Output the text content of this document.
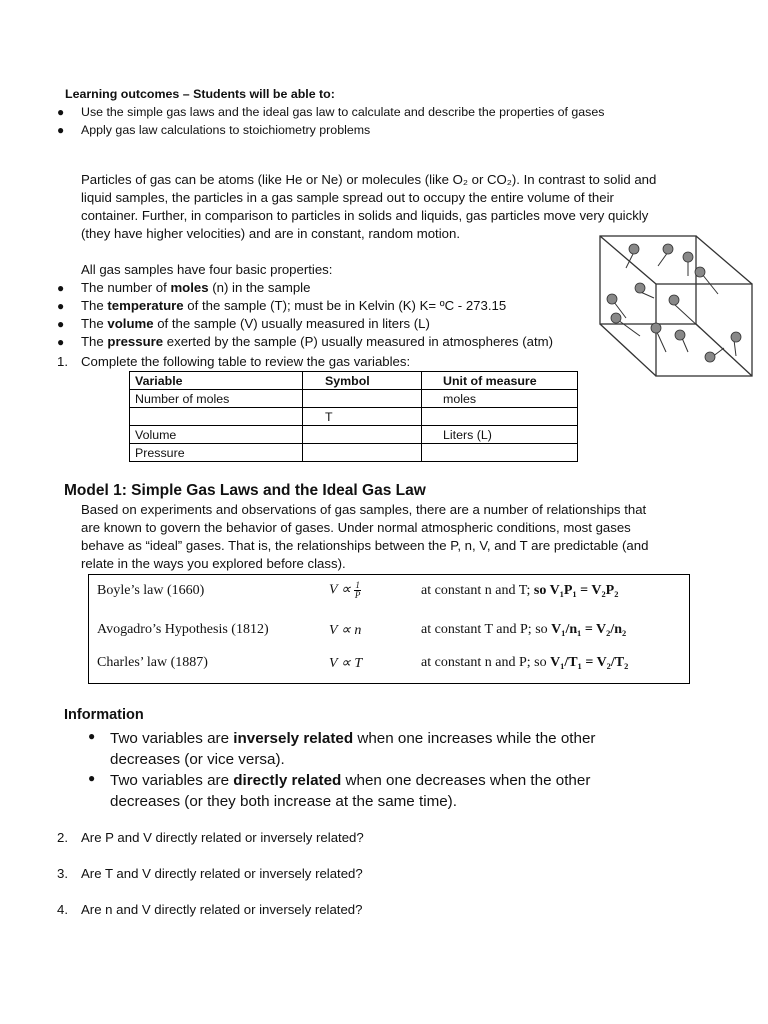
Learning outcomes – Students will be able to:
● Use the simple gas laws and the ideal gas law to calculate and describe the properties of gases
● Apply gas law calculations to stoichiometry problems
Particles of gas can be atoms (like He or Ne) or molecules (like O₂ or CO₂). In contrast to solid and
liquid samples, the particles in a gas sample spread out to occupy the entire volume of their
container. Further, in comparison to particles in solids and liquids, gas particles move very quickly
(they have higher velocities) and are in constant, random motion.
All gas samples have four basic properties:
● The number of moles (n) in the sample
● The temperature of the sample (T); must be in Kelvin (K) K= ºC - 273.15
● The volume of the sample (V) usually measured in liters (L)
● The pressure exerted by the sample (P) usually measured in atmospheres (atm)
1. Complete the following table to review the gas variables:
Variable	Symbol	Unit of measure
Number of moles		moles
	T	
Volume		Liters (L)
Pressure		
Model 1: Simple Gas Laws and the Ideal Gas Law
Based on experiments and observations of gas samples, there are a number of relationships that
are known to govern the behavior of gases. Under normal atmospheric conditions, most gases
behave as “ideal” gases. That is, the relationships between the P, n, V, and T are predictable (and
relate in the ways you explored before class).
Boyle’s law (1660)	$V \propto \frac{1}{P}$	at constant n and T; so V₁P₁ = V₂P₂
Avogadro’s Hypothesis (1812)	V ∝ n	at constant T and P; so V₁/n₁ = V₂/n₂
Charles’ law (1887)	V ∝ T	at constant n and P; so V₁/T₁ = V₂/T₂
Information
● Two variables are inversely related when one increases while the other
decreases (or vice versa).
● Two variables are directly related when one decreases when the other
decreases (or they both increase at the same time).
2. Are P and V directly related or inversely related?
3. Are T and V directly related or inversely related?
4. Are n and V directly related or inversely related?
